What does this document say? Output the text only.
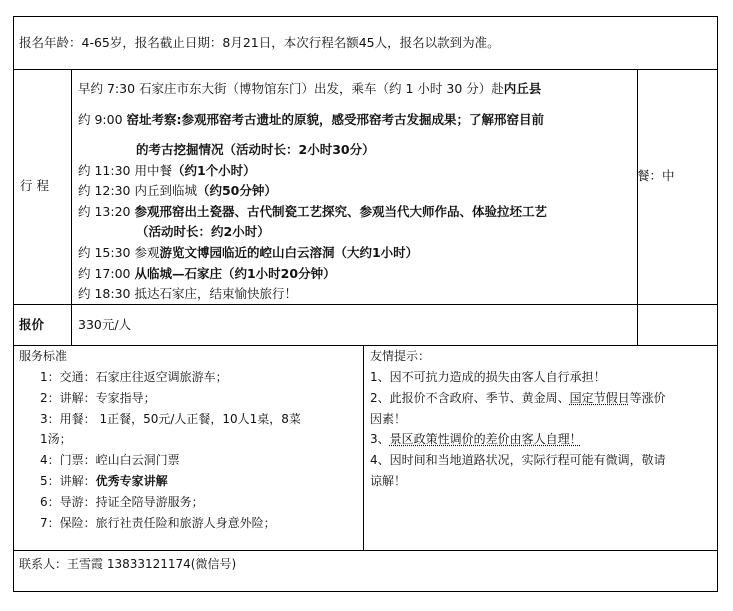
报名年龄：4-65岁，报名截止日期：8月21日，本次行程名额45人，报名以款到为准。
行 程
餐：中
早约 7:30 石家庄市东大街（博物馆东门）出发，乘车（约 1 小时 30 分）赴内丘县
约 9:00 窑址考察:参观邢窑考古遗址的原貌，感受邢窑考古发掘成果；了解邢窑目前
的考古挖掘情况（活动时长：2小时30分）
约 11:30 用中餐（约1个小时）
约 12:30 内丘到临城（约50分钟）
约 13:20 参观邢窑出土瓷器、古代制瓷工艺探究、参观当代大师作品、体验拉坯工艺
（活动时长：约2小时）
约 15:30 参观游览文博园临近的崆山白云溶洞（大约1小时）
约 17:00 从临城—石家庄（约1小时20分钟）
约 18:30 抵达石家庄，结束愉快旅行！
报价	330元/人
服务标准
1：交通：石家庄往返空调旅游车；
2：讲解：专家指导；
3：用餐： 1正餐，50元/人正餐，10人1桌，8菜
1汤；
4：门票：崆山白云洞门票
5：讲解：优秀专家讲解
6：导游：持证全陪导游服务；
7：保险：旅行社责任险和旅游人身意外险；
友情提示：
1、因不可抗力造成的损失由客人自行承担！
2、此报价不含政府、季节、黄金周、国定节假日等涨价
因素！
3、景区政策性调价的差价由客人自理！
4、因时间和当地道路状况，实际行程可能有微调，敬请
谅解！
联系人：王雪霞 13833121174(微信号)
